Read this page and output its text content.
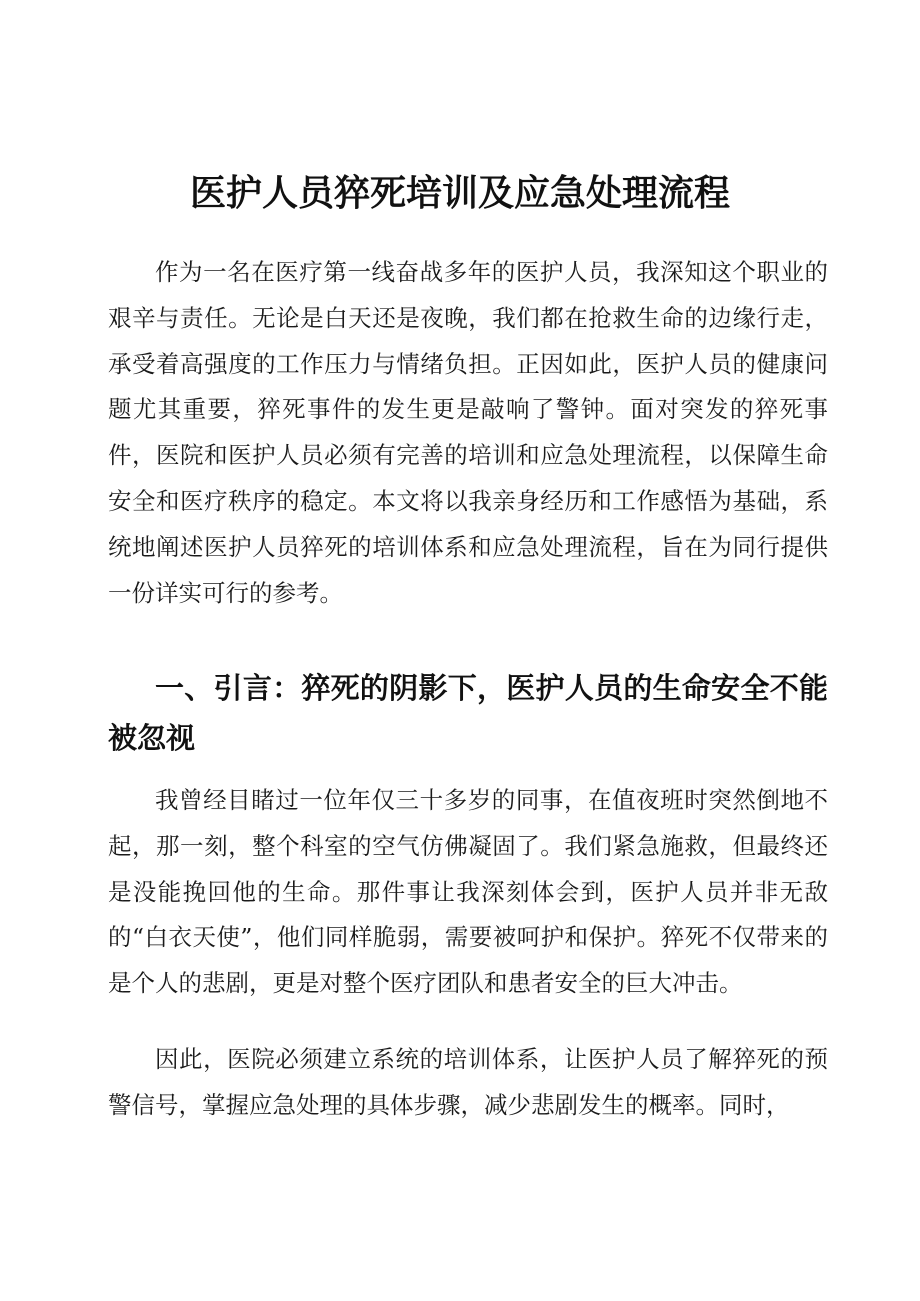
医护人员猝死培训及应急处理流程

作为一名在医疗第一线奋战多年的医护人员，我深知这个职业的艰辛与责任。无论是白天还是夜晚，我们都在抢救生命的边缘行走，承受着高强度的工作压力与情绪负担。正因如此，医护人员的健康问题尤其重要，猝死事件的发生更是敲响了警钟。面对突发的猝死事件，医院和医护人员必须有完善的培训和应急处理流程，以保障生命安全和医疗秩序的稳定。本文将以我亲身经历和工作感悟为基础，系统地阐述医护人员猝死的培训体系和应急处理流程，旨在为同行提供一份详实可行的参考。

一、引言：猝死的阴影下，医护人员的生命安全不能被忽视

我曾经目睹过一位年仅三十多岁的同事，在值夜班时突然倒地不起，那一刻，整个科室的空气仿佛凝固了。我们紧急施救，但最终还是没能挽回他的生命。那件事让我深刻体会到，医护人员并非无敌的“白衣天使”，他们同样脆弱，需要被呵护和保护。猝死不仅带来的是个人的悲剧，更是对整个医疗团队和患者安全的巨大冲击。

因此，医院必须建立系统的培训体系，让医护人员了解猝死的预警信号，掌握应急处理的具体步骤，减少悲剧发生的概率。同时，
